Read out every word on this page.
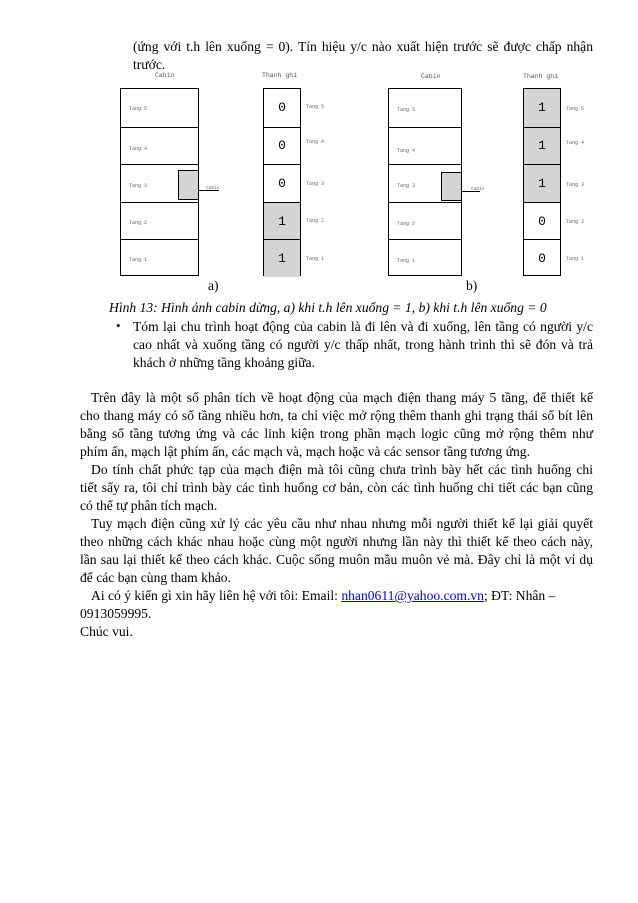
(ứng với t.h lên xuống = 0). Tín hiệu y/c nào xuất hiện trước sẽ được chấp nhận
trước.
Cabin	Thanh ghi
Tang 5
Tang 4
Tang 3
Tang 2
Tang 1
Cabin
0
0
0
1
1
Tang 5
Tang 4
Tang 3
Tang 2
Tang 1
a)
Cabin	Thanh ghi
Tang 5
Tang 4
Tang 3
Tang 2
Tang 1
Cabin
1
1
1
0
0
Tang 5
Tang 4
Tang 3
Tang 2
Tang 1
b)
Hình 13: Hình ảnh cabin dừng, a) khi t.h lên xuống = 1, b) khi t.h lên xuống = 0
• Tóm lại chu trình hoạt động của cabin là đi lên và đi xuống, lên tầng có người y/c
cao nhất và xuống tầng có người y/c thấp nhất, trong hành trình thì sẽ đón và trả
khách ở những tầng khoảng giữa.
Trên đây là một số phân tích về hoạt động của mạch điện thang máy 5 tầng, để thiết kế
cho thang máy có số tầng nhiều hơn, ta chỉ việc mở rộng thêm thanh ghi trạng thái số bít lên
bằng số tầng tương ứng và các linh kiện trong phần mạch logic cũng mở rộng thêm như
phím ấn, mạch lật phím ấn, các mạch và, mạch hoặc và các sensor tầng tương ứng.
Do tính chất phức tạp của mạch điện mà tôi cũng chưa trình bày hết các tình huống chi
tiết sẩy ra, tôi chỉ trình bày các tình huống cơ bản, còn các tình huống chi tiết các bạn cũng
có thể tự phân tích mạch.
Tuy mạch điện cũng xử lý các yêu cầu như nhau nhưng mỗi người thiết kế lại giải quyết
theo những cách khác nhau hoặc cùng một người nhưng lần này thì thiết kế theo cách này,
lần sau lại thiết kế theo cách khác. Cuộc sống muôn mầu muôn vẻ mà. Đây chỉ là một ví dụ
để các bạn cùng tham khảo.
Ai có ý kiến gì xin hãy liên hệ với tôi: Email: nhan0611@yahoo.com.vn; ĐT: Nhân –
0913059995.
Chúc vui.
